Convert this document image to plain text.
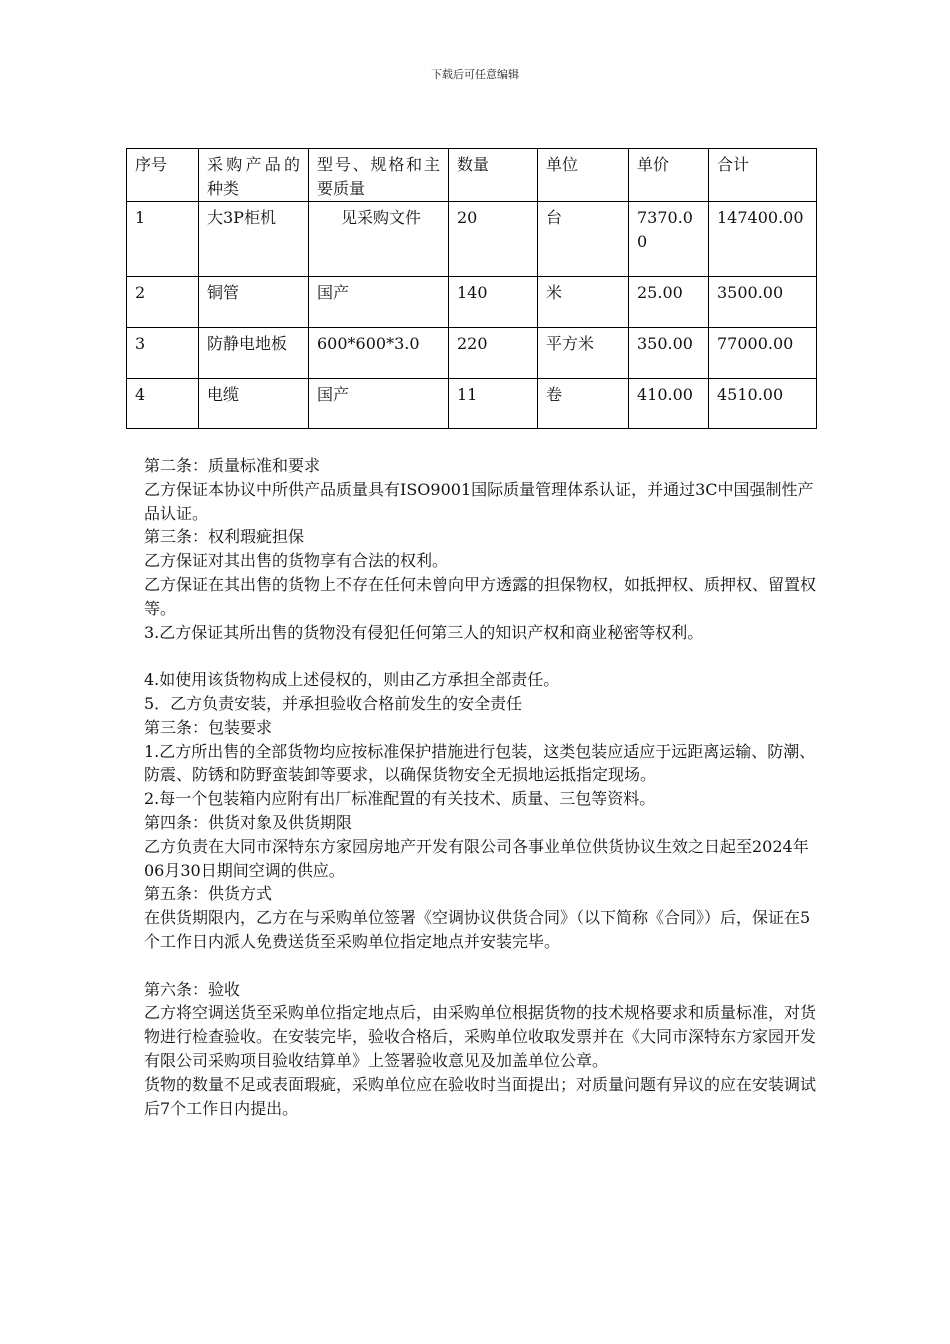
下载后可任意编辑
序号	采购产品的种类	型号、规格和主要质量	数量	单位	单价	合计
1	大3P柜机	见采购文件	20	台	7370.00	147400.00
2	铜管	国产	140	米	25.00	3500.00
3	防静电地板	600*600*3.0	220	平方米	350.00	77000.00
4	电缆	国产	11	卷	410.00	4510.00

第二条：质量标准和要求

乙方保证本协议中所供产品质量具有ISO9001国际质量管理体系认证，并通过3C中国强制性产品认证。

第三条：权利瑕疵担保

乙方保证对其出售的货物享有合法的权利。

乙方保证在其出售的货物上不存在任何未曾向甲方透露的担保物权，如抵押权、质押权、留置权等。

3.乙方保证其所出售的货物没有侵犯任何第三人的知识产权和商业秘密等权利。

4.如使用该货物构成上述侵权的，则由乙方承担全部责任。

5．乙方负责安装，并承担验收合格前发生的安全责任

第三条：包装要求

1.乙方所出售的全部货物均应按标准保护措施进行包装，这类包装应适应于远距离运输、防潮、防震、防锈和防野蛮装卸等要求，以确保货物安全无损地运抵指定现场。

2.每一个包装箱内应附有出厂标准配置的有关技术、质量、三包等资料。

第四条：供货对象及供货期限

乙方负责在大同市深特东方家园房地产开发有限公司各事业单位供货协议生效之日起至2024年06月30日期间空调的供应。

第五条：供货方式

在供货期限内，乙方在与采购单位签署《空调协议供货合同》（以下简称《合同》）后，保证在5个工作日内派人免费送货至采购单位指定地点并安装完毕。

第六条：验收

乙方将空调送货至采购单位指定地点后，由采购单位根据货物的技术规格要求和质量标准，对货物进行检查验收。在安装完毕，验收合格后，采购单位收取发票并在《大同市深特东方家园开发有限公司采购项目验收结算单》上签署验收意见及加盖单位公章。

货物的数量不足或表面瑕疵，采购单位应在验收时当面提出；对质量问题有异议的应在安装调试后7个工作日内提出。
